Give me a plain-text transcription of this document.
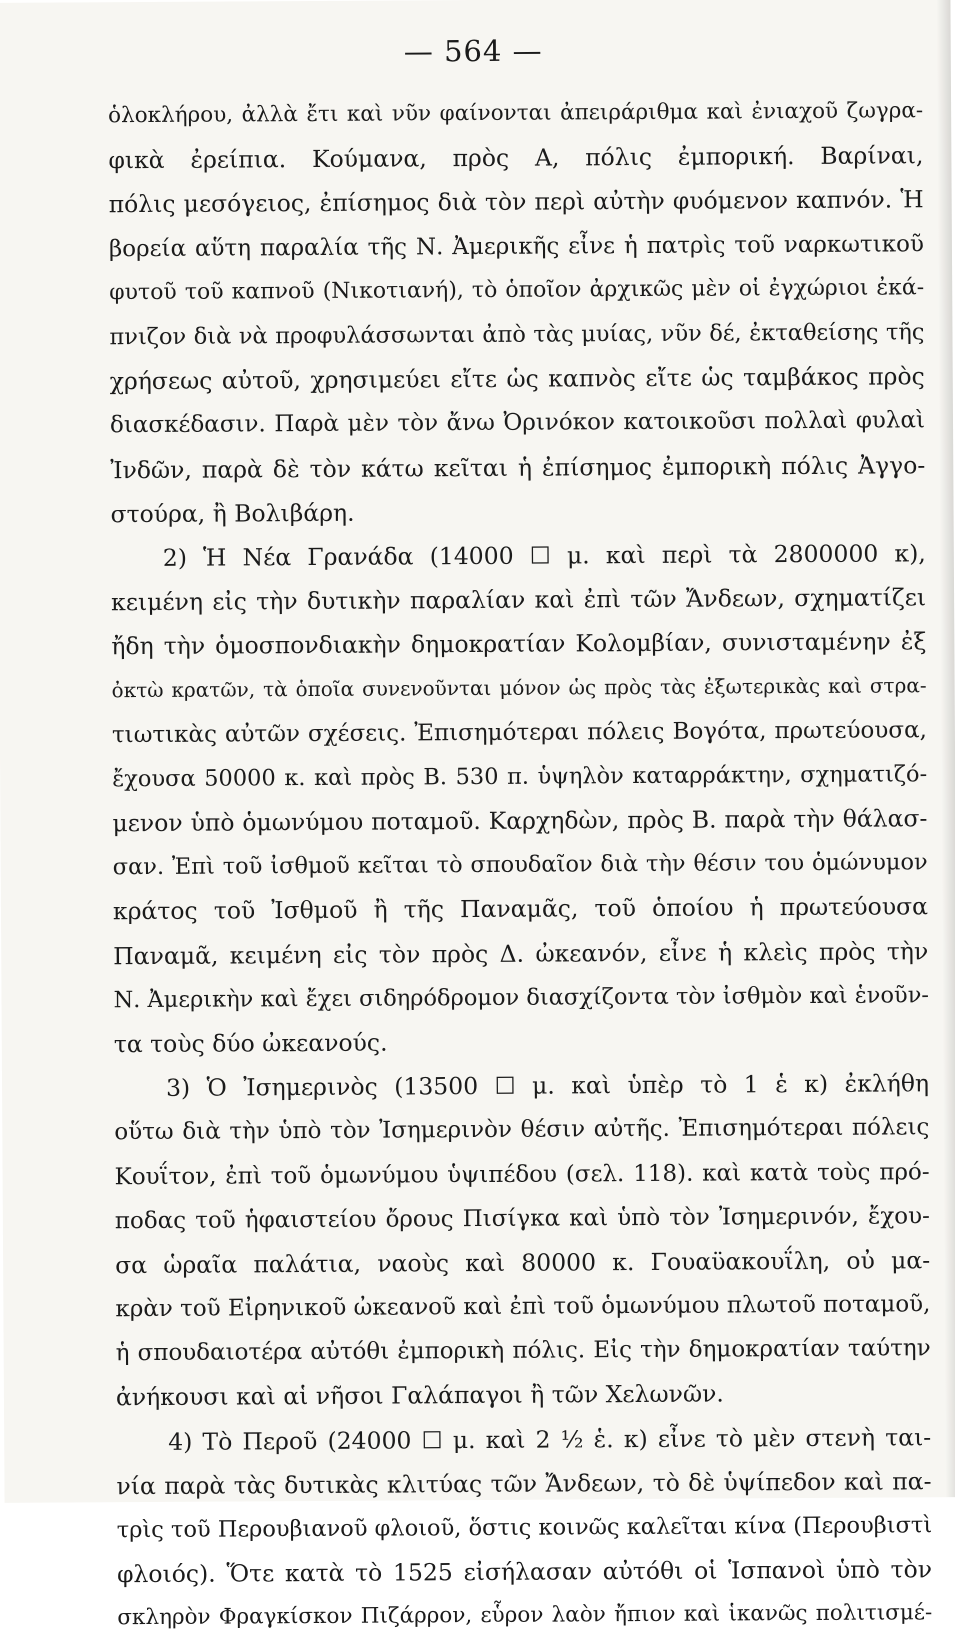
— 564 —
ὁλοκλήρου, ἀλλὰ ἔτι καὶ νῦν φαίνονται ἀπειράριθμα καὶ ἐνιαχοῦ ζωγρα-
φικὰ ἐρείπια. Κούμανα, πρὸς Α, πόλις ἐμπορική. Βαρίναι,
πόλις μεσόγειος, ἐπίσημος διὰ τὸν περὶ αὐτὴν φυόμενον καπνόν. Ἡ
βορεία αὕτη παραλία τῆς Ν. Ἀμερικῆς εἶνε ἡ πατρὶς τοῦ ναρκωτικοῦ
φυτοῦ τοῦ καπνοῦ (Νικοτιανή), τὸ ὁποῖον ἀρχικῶς μὲν οἱ ἐγχώριοι ἐκά-
πνιζον διὰ νὰ προφυλάσσωνται ἀπὸ τὰς μυίας, νῦν δέ, ἐκταθείσης τῆς
χρήσεως αὐτοῦ, χρησιμεύει εἴτε ὡς καπνὸς εἴτε ὡς ταμβάκος πρὸς
διασκέδασιν. Παρὰ μὲν τὸν ἄνω Ὀρινόκον κατοικοῦσι πολλαὶ φυλαὶ
Ἰνδῶν, παρὰ δὲ τὸν κάτω κεῖται ἡ ἐπίσημος ἐμπορικὴ πόλις Ἀγγο-
στούρα, ἢ Βολιβάρη.
2) Ἡ Νέα Γρανάδα (14000 ☐ μ. καὶ περὶ τὰ 2800000 κ),
κειμένη εἰς τὴν δυτικὴν παραλίαν καὶ ἐπὶ τῶν Ἄνδεων, σχηματίζει
ἤδη τὴν ὁμοσπονδιακὴν δημοκρατίαν Κολομβίαν, συνισταμένην ἐξ
ὀκτὼ κρατῶν, τὰ ὁποῖα συνενοῦνται μόνον ὡς πρὸς τὰς ἐξωτερικὰς καὶ στρα-
τιωτικὰς αὐτῶν σχέσεις. Ἐπισημότεραι πόλεις Βογότα, πρωτεύουσα,
ἔχουσα 50000 κ. καὶ πρὸς Β. 530 π. ὑψηλὸν καταρράκτην, σχηματιζό-
μενον ὑπὸ ὁμωνύμου ποταμοῦ. Καρχηδὼν, πρὸς Β. παρὰ τὴν θάλασ-
σαν. Ἐπὶ τοῦ ἰσθμοῦ κεῖται τὸ σπουδαῖον διὰ τὴν θέσιν του ὁμώνυμον
κράτος τοῦ Ἰσθμοῦ ἢ τῆς Παναμᾶς, τοῦ ὁποίου ἡ πρωτεύουσα
Παναμᾶ, κειμένη εἰς τὸν πρὸς Δ. ὠκεανόν, εἶνε ἡ κλεὶς πρὸς τὴν
Ν. Ἀμερικὴν καὶ ἔχει σιδηρόδρομον διασχίζοντα τὸν ἰσθμὸν καὶ ἑνοῦν-
τα τοὺς δύο ὠκεανούς.
3) Ὁ Ἰσημερινὸς (13500 ☐ μ. καὶ ὑπὲρ τὸ 1 ἑ κ) ἐκλήθη
οὕτω διὰ τὴν ὑπὸ τὸν Ἰσημερινὸν θέσιν αὐτῆς. Ἐπισημότεραι πόλεις
Κουΐτον, ἐπὶ τοῦ ὁμωνύμου ὑψιπέδου (σελ. 118). καὶ κατὰ τοὺς πρό-
ποδας τοῦ ἡφαιστείου ὄρους Πισίγκα καὶ ὑπὸ τὸν Ἰσημερινόν, ἔχου-
σα ὡραῖα παλάτια, ναοὺς καὶ 80000 κ. Γουαϋακουΐλη, οὐ μα-
κρὰν τοῦ Εἰρηνικοῦ ὠκεανοῦ καὶ ἐπὶ τοῦ ὁμωνύμου πλωτοῦ ποταμοῦ,
ἡ σπουδαιοτέρα αὐτόθι ἐμπορικὴ πόλις. Εἰς τὴν δημοκρατίαν ταύτην
ἀνήκουσι καὶ αἱ νῆσοι Γαλάπαγοι ἢ τῶν Χελωνῶν.
4) Τὸ Περοῦ (24000 ☐ μ. καὶ 2 ½ ἑ. κ) εἶνε τὸ μὲν στενὴ ται-
νία παρὰ τὰς δυτικὰς κλιτύας τῶν Ἄνδεων, τὸ δὲ ὑψίπεδον καὶ πα-
τρὶς τοῦ Περουβιανοῦ φλοιοῦ, ὅστις κοινῶς καλεῖται κίνα (Περουβιστὶ
φλοιός). Ὅτε κατὰ τὸ 1525 εἰσήλασαν αὐτόθι οἱ Ἱσπανοὶ ὑπὸ τὸν
σκληρὸν Φραγκίσκον Πιζάρρον, εὗρον λαὸν ἤπιον καὶ ἱκανῶς πολιτισμέ-
